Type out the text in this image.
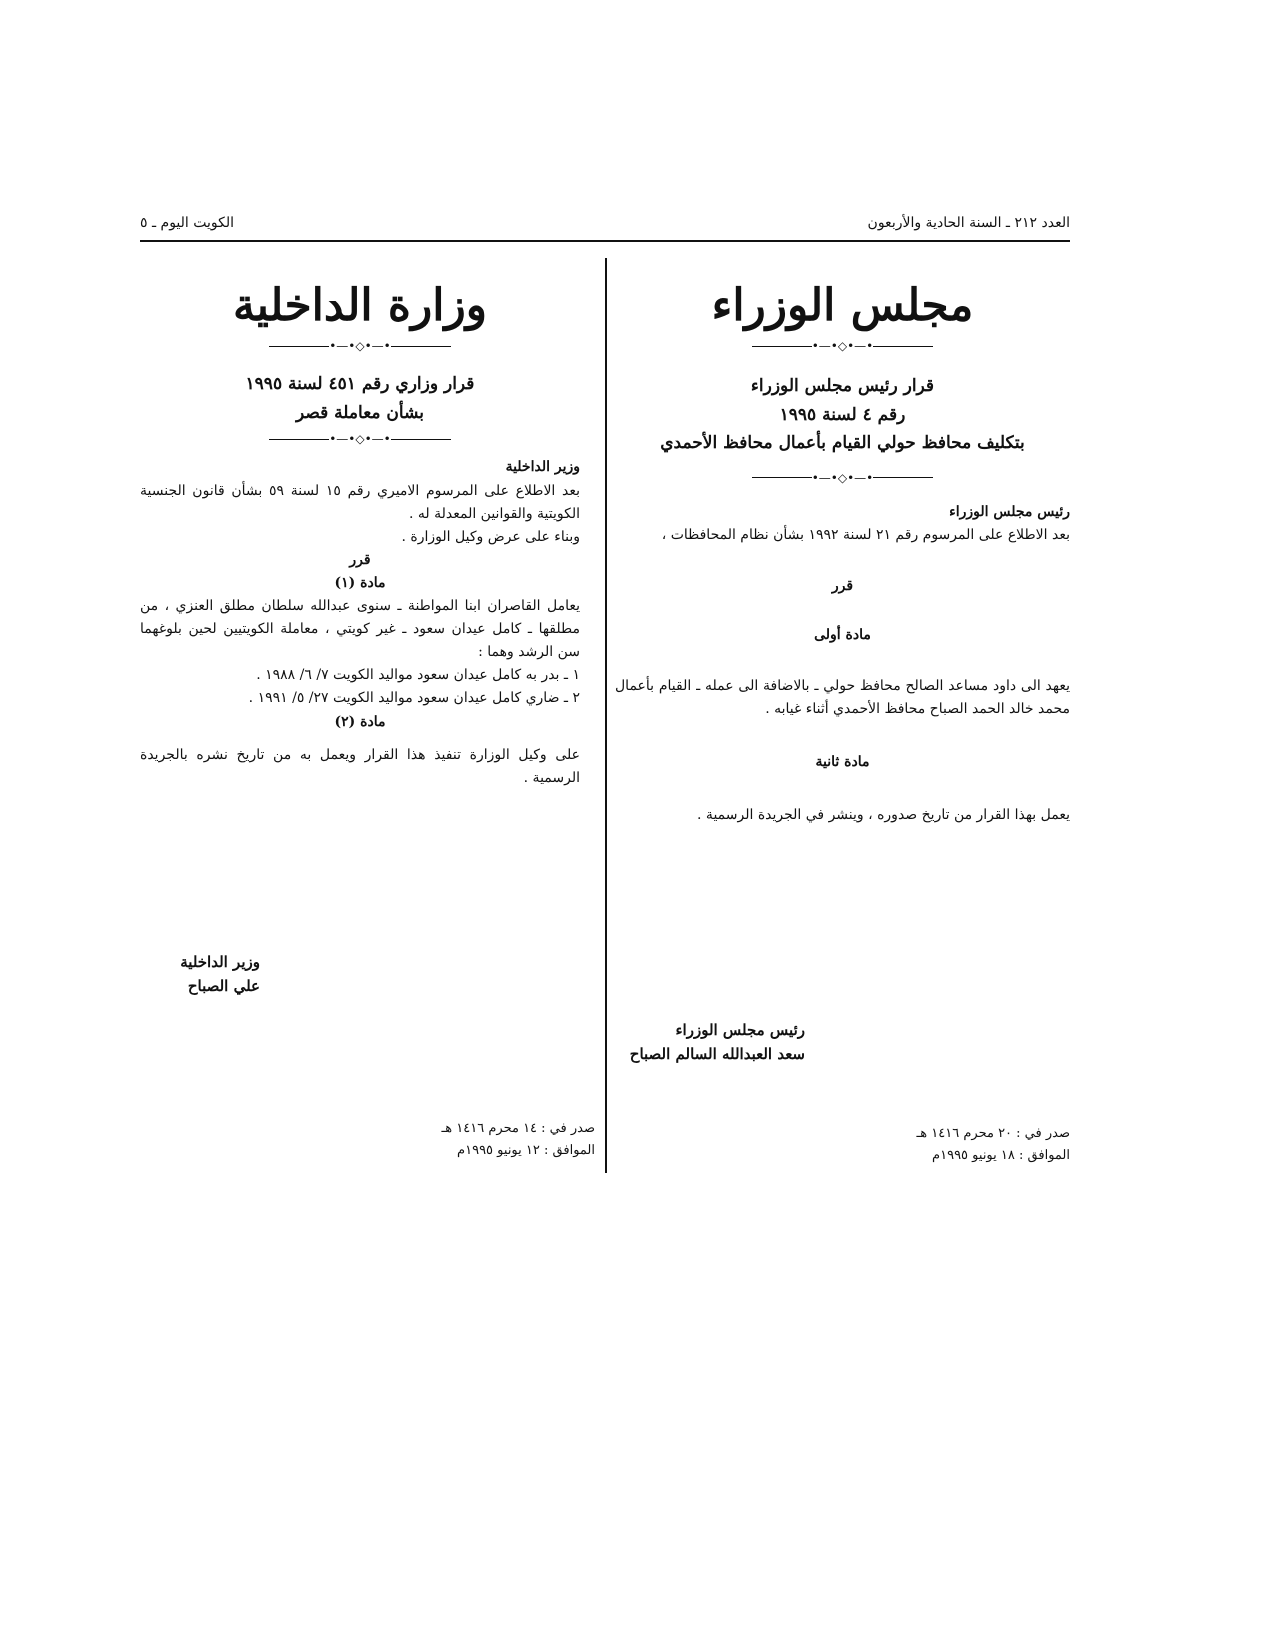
العدد ٢١٢ ـ السنة الحادية والأربعون
الكويت اليوم ـ ٥
مجلس الوزراء
•—•◇•—•
قرار رئيس مجلس الوزراء
رقم ٤ لسنة ١٩٩٥
بتكليف محافظ حولي القيام بأعمال محافظ الأحمدي
•—•◇•—•

رئيس مجلس الوزراء

بعد الاطلاع على المرسوم رقم ٢١ لسنة ١٩٩٢ بشأن نظام المحافظات ،

قرر

مادة أولى

يعهد الى داود مساعد الصالح محافظ حولي ـ بالاضافة الى عمله ـ القيام بأعمال محمد خالد الحمد الصباح محافظ الأحمدي أثناء غيابه .

مادة ثانية

يعمل بهذا القرار من تاريخ صدوره ، وينشر في الجريدة الرسمية .

رئيس مجلس الوزراء
سعد العبدالله السالم الصباح
صدر في : ٢٠ محرم ١٤١٦ هـ
الموافق : ١٨ يونيو ١٩٩٥م
وزارة الداخلية
•—•◇•—•
قرار وزاري رقم ٤٥١ لسنة ١٩٩٥
بشأن معاملة قصر
•—•◇•—•

وزير الداخلية

بعد الاطلاع على المرسوم الاميري رقم ١٥ لسنة ٥٩ بشأن قانون الجنسية الكويتية والقوانين المعدلة له .

وبناء على عرض وكيل الوزارة .

قرر

مادة (١)

يعامل القاصران ابنا المواطنة ـ سنوى عبدالله سلطان مطلق العنزي ، من مطلقها ـ كامل عيدان سعود ـ غير كويتي ، معاملة الكويتيين لحين بلوغهما سن الرشد وهما :

١ ـ بدر به كامل عيدان سعود مواليد الكويت ٧/ ٦/ ١٩٨٨ .

٢ ـ ضاري كامل عيدان سعود مواليد الكويت ٢٧/ ٥/ ١٩٩١ .

مادة (٢)

على وكيل الوزارة تنفيذ هذا القرار ويعمل به من تاريخ نشره بالجريدة الرسمية .

وزير الداخلية
علي الصباح
صدر في : ١٤ محرم ١٤١٦ هـ
الموافق : ١٢ يونيو ١٩٩٥م
